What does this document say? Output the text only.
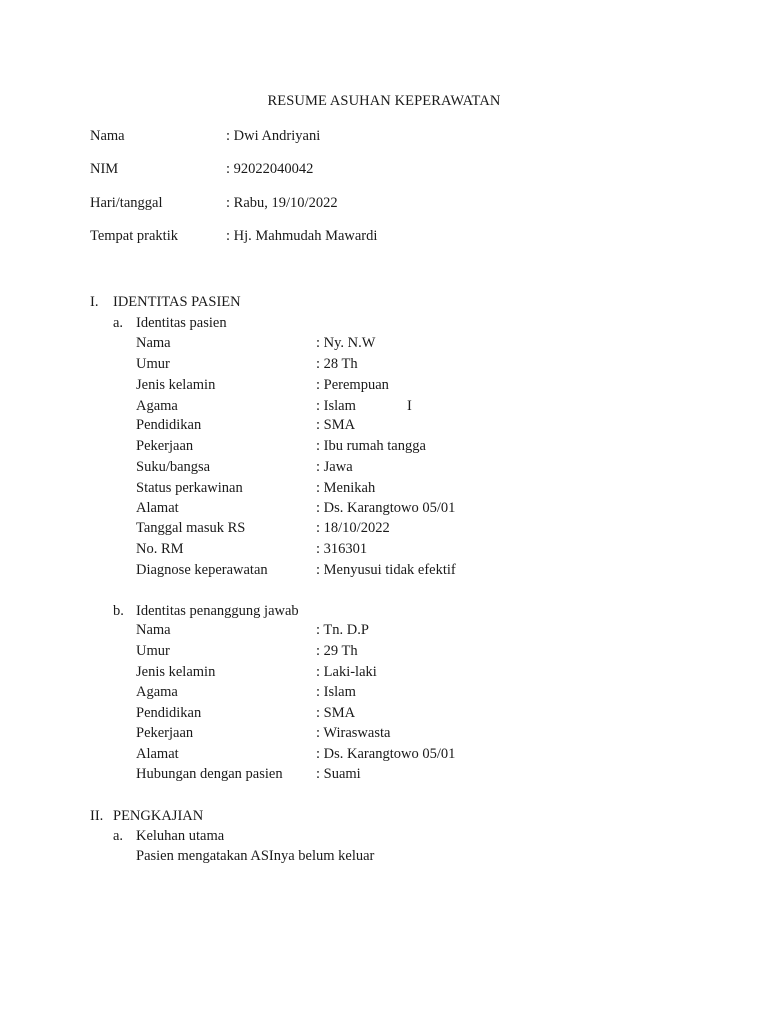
RESUME ASUHAN KEPERAWATAN
Nama	: Dwi Andriyani
NIM	: 92022040042
Hari/tanggal	: Rabu, 19/10/2022
Tempat praktik	: Hj. Mahmudah Mawardi
I. IDENTITAS PASIEN
a. Identitas pasien
Nama	: Ny. N.W
Umur	: 28 Th
Jenis kelamin	: Perempuan
Agama	: Islam	I
Pendidikan	: SMA
Pekerjaan	: Ibu rumah tangga
Suku/bangsa	: Jawa
Status perkawinan	: Menikah
Alamat	: Ds. Karangtowo 05/01
Tanggal masuk RS	: 18/10/2022
No. RM	: 316301
Diagnose keperawatan	: Menyusui tidak efektif
b. Identitas penanggung jawab
Nama	: Tn. D.P
Umur	: 29 Th
Jenis kelamin	: Laki-laki
Agama	: Islam
Pendidikan	: SMA
Pekerjaan	: Wiraswasta
Alamat	: Ds. Karangtowo 05/01
Hubungan dengan pasien : Suami
II. PENGKAJIAN
a. Keluhan utama
Pasien mengatakan ASInya belum keluar
